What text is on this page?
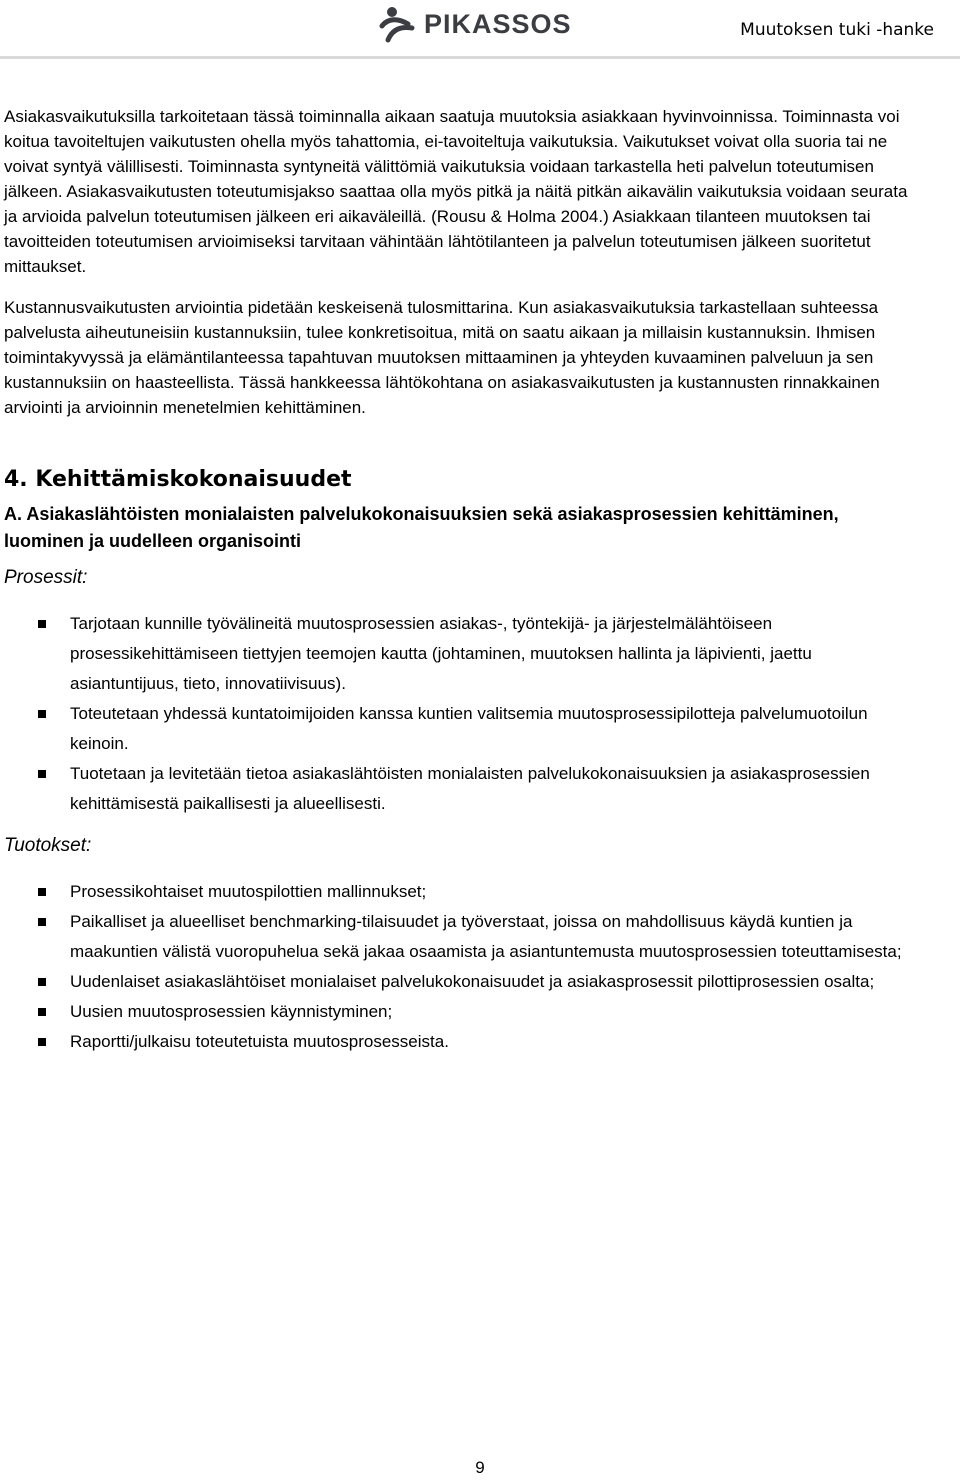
PIKASSOS	Muutoksen tuki -hanke

Asiakasvaikutuksilla tarkoitetaan tässä toiminnalla aikaan saatuja muutoksia asiakkaan hyvinvoinnissa. Toiminnasta voi koitua tavoiteltujen vaikutusten ohella myös tahattomia, ei-tavoiteltuja vaikutuksia. Vaikutukset voivat olla suoria tai ne voivat syntyä välillisesti. Toiminnasta syntyneitä välittömiä vaikutuksia voidaan tarkastella heti palvelun toteutumisen jälkeen. Asiakasvaikutusten toteutumisjakso saattaa olla myös pitkä ja näitä pitkän aikavälin vaikutuksia voidaan seurata ja arvioida palvelun toteutumisen jälkeen eri aikaväleillä. (Rousu & Holma 2004.) Asiakkaan tilanteen muutoksen tai tavoitteiden toteutumisen arvioimiseksi tarvitaan vähintään lähtötilanteen ja palvelun toteutumisen jälkeen suoritetut mittaukset.

Kustannusvaikutusten arviointia pidetään keskeisenä tulosmittarina. Kun asiakasvaikutuksia tarkastellaan suhteessa palvelusta aiheutuneisiin kustannuksiin, tulee konkretisoitua, mitä on saatu aikaan ja millaisin kustannuksin. Ihmisen toimintakyvyssä ja elämäntilanteessa tapahtuvan muutoksen mittaaminen ja yhteyden kuvaaminen palveluun ja sen kustannuksiin on haasteellista. Tässä hankkeessa lähtökohtana on asiakasvaikutusten ja kustannusten rinnakkainen arviointi ja arvioinnin menetelmien kehittäminen.

4. Kehittämiskokonaisuudet
A. Asiakaslähtöisten monialaisten palvelukokonaisuuksien sekä asiakasprosessien kehittäminen, luominen ja uudelleen organisointi
Prosessit:
Tarjotaan kunnille työvälineitä muutosprosessien asiakas-, työntekijä- ja järjestelmälähtöiseen prosessikehittämiseen tiettyjen teemojen kautta (johtaminen, muutoksen hallinta ja läpivienti, jaettu asiantuntijuus, tieto, innovatiivisuus).
Toteutetaan yhdessä kuntatoimijoiden kanssa kuntien valitsemia muutosprosessipilotteja palvelumuotoilun keinoin.
Tuotetaan ja levitetään tietoa asiakaslähtöisten monialaisten palvelukokonaisuuksien ja asiakasprosessien kehittämisestä paikallisesti ja alueellisesti.
Tuotokset:
Prosessikohtaiset muutospilottien mallinnukset;
Paikalliset ja alueelliset benchmarking-tilaisuudet ja työverstaat, joissa on mahdollisuus käydä kuntien ja maakuntien välistä vuoropuhelua sekä jakaa osaamista ja asiantuntemusta muutosprosessien toteuttamisesta;
Uudenlaiset asiakaslähtöiset monialaiset palvelukokonaisuudet ja asiakasprosessit pilottiprosessien osalta;
Uusien muutosprosessien käynnistyminen;
Raportti/julkaisu toteutetuista muutosprosesseista.
9
